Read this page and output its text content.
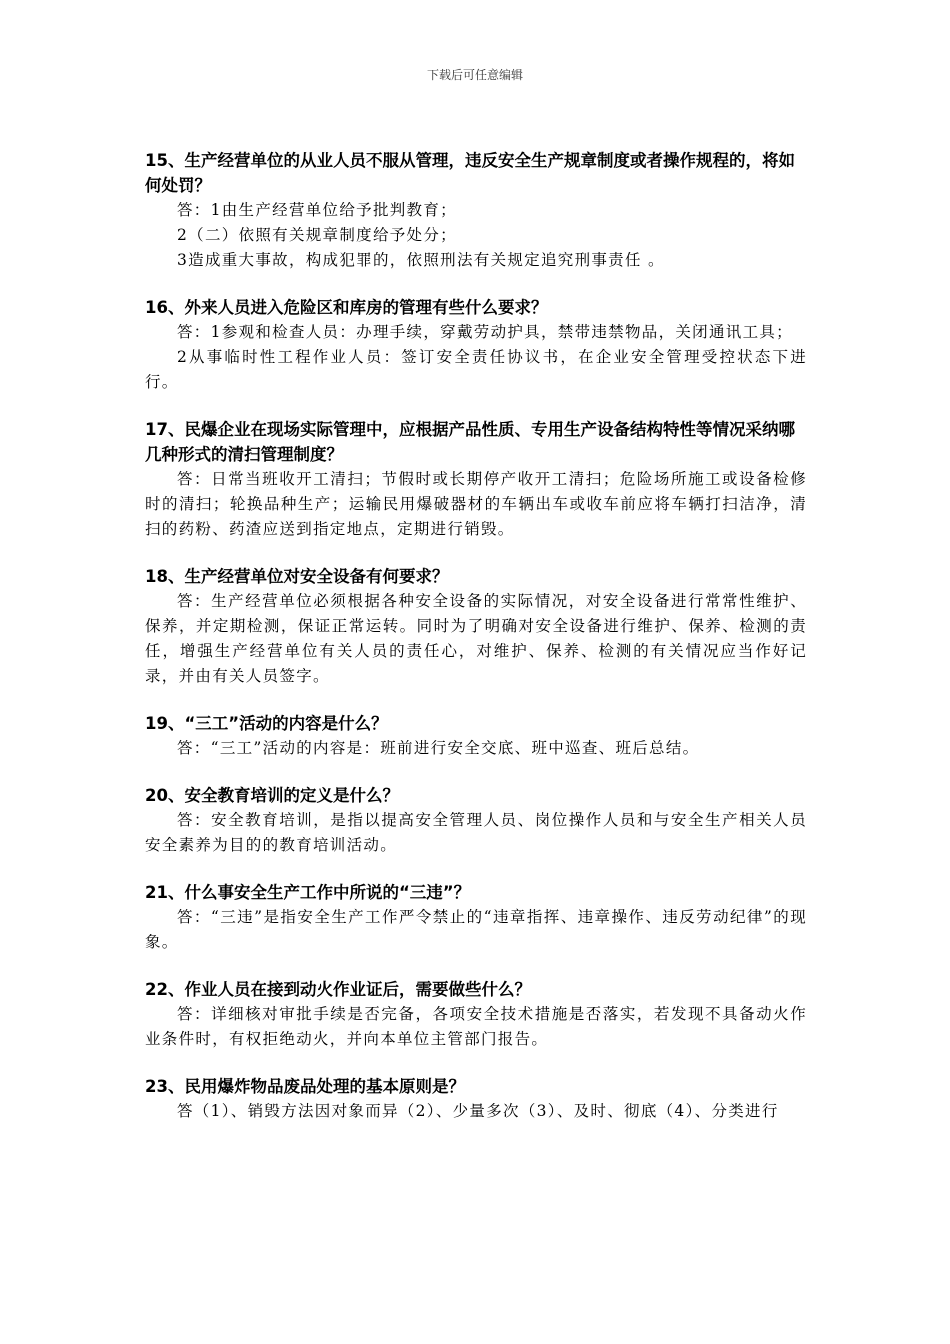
下载后可任意编辑

15、生产经营单位的从业人员不服从管理，违反安全生产规章制度或者操作规程的，将如何处罚？

答：1由生产经营单位给予批判教育；

2（二）依照有关规章制度给予处分；

3造成重大事故，构成犯罪的，依照刑法有关规定追究刑事责任 。

16、外来人员进入危险区和库房的管理有些什么要求？

答：1参观和检查人员：办理手续，穿戴劳动护具，禁带违禁物品，关闭通讯工具；

2从事临时性工程作业人员：签订安全责任协议书，在企业安全管理受控状态下进行。

17、民爆企业在现场实际管理中，应根据产品性质、专用生产设备结构特性等情况采纳哪几种形式的清扫管理制度？

答：日常当班收开工清扫；节假时或长期停产收开工清扫；危险场所施工或设备检修时的清扫；轮换品种生产；运输民用爆破器材的车辆出车或收车前应将车辆打扫洁净，清扫的药粉、药渣应送到指定地点，定期进行销毁。

18、生产经营单位对安全设备有何要求？

答：生产经营单位必须根据各种安全设备的实际情况，对安全设备进行常常性维护、保养，并定期检测，保证正常运转。同时为了明确对安全设备进行维护、保养、检测的责任，增强生产经营单位有关人员的责任心，对维护、保养、检测的有关情况应当作好记录，并由有关人员签字。

19、“三工”活动的内容是什么？

答：“三工”活动的内容是：班前进行安全交底、班中巡查、班后总结。

20、安全教育培训的定义是什么？

答：安全教育培训，是指以提高安全管理人员、岗位操作人员和与安全生产相关人员安全素养为目的的教育培训活动。

21、什么事安全生产工作中所说的“三违”？

答：“三违”是指安全生产工作严令禁止的“违章指挥、违章操作、违反劳动纪律”的现象。

22、作业人员在接到动火作业证后，需要做些什么？

答：详细核对审批手续是否完备，各项安全技术措施是否落实，若发现不具备动火作业条件时，有权拒绝动火，并向本单位主管部门报告。

23、民用爆炸物品废品处理的基本原则是？

答（1）、销毁方法因对象而异（2）、少量多次（3）、及时、彻底（4）、分类进行
